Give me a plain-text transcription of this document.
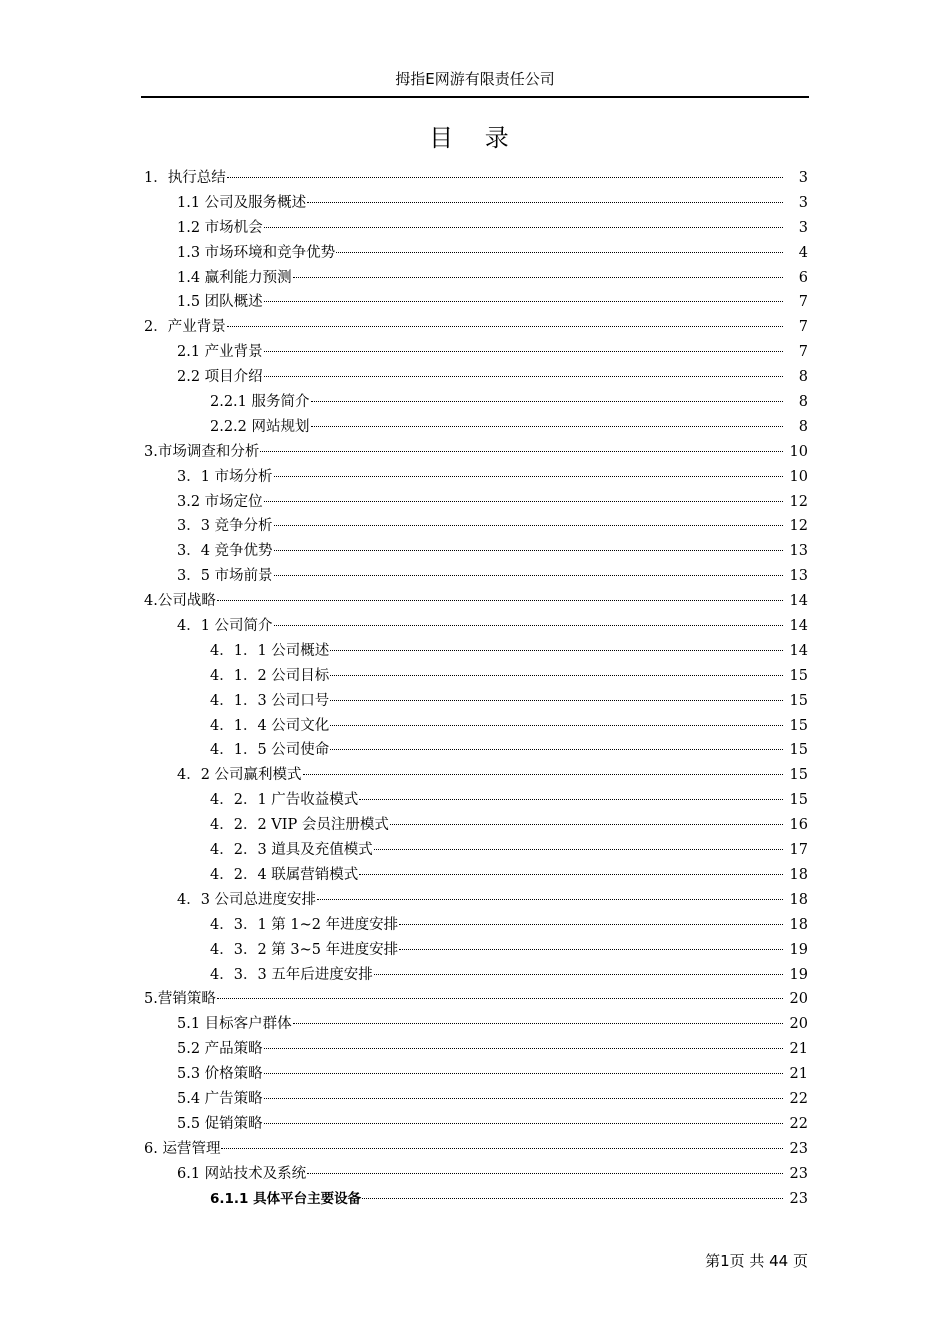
拇指E网游有限责任公司
目 录
1．执行总结	3
1.1 公司及服务概述	3
1.2 市场机会	3
1.3 市场环境和竞争优势	4
1.4 赢利能力预测	6
1.5 团队概述	7
2．产业背景	7
2.1 产业背景	7
2.2 项目介绍	8
2.2.1 服务简介	8
2.2.2 网站规划	8
3.市场调查和分析	10
3．1 市场分析	10
3.2 市场定位	12
3．3 竞争分析	12
3．4 竞争优势	13
3．5 市场前景	13
4.公司战略	14
4．1 公司简介	14
4．1．1 公司概述	14
4．1．2 公司目标	15
4．1．3 公司口号	15
4．1．4 公司文化	15
4．1．5 公司使命	15
4．2 公司赢利模式	15
4．2．1 广告收益模式	15
4．2．2 VIP 会员注册模式	16
4．2．3 道具及充值模式	17
4．2．4 联属营销模式	18
4．3 公司总进度安排	18
4．3．1 第 1~2 年进度安排	18
4．3．2 第 3~5 年进度安排	19
4．3．3 五年后进度安排	19
5.营销策略	20
5.1 目标客户群体	20
5.2 产品策略	21
5.3 价格策略	21
5.4 广告策略	22
5.5 促销策略	22
6. 运营管理	23
6.1 网站技术及系统	23
6.1.1 具体平台主要设备	23
第1页 共 44 页
